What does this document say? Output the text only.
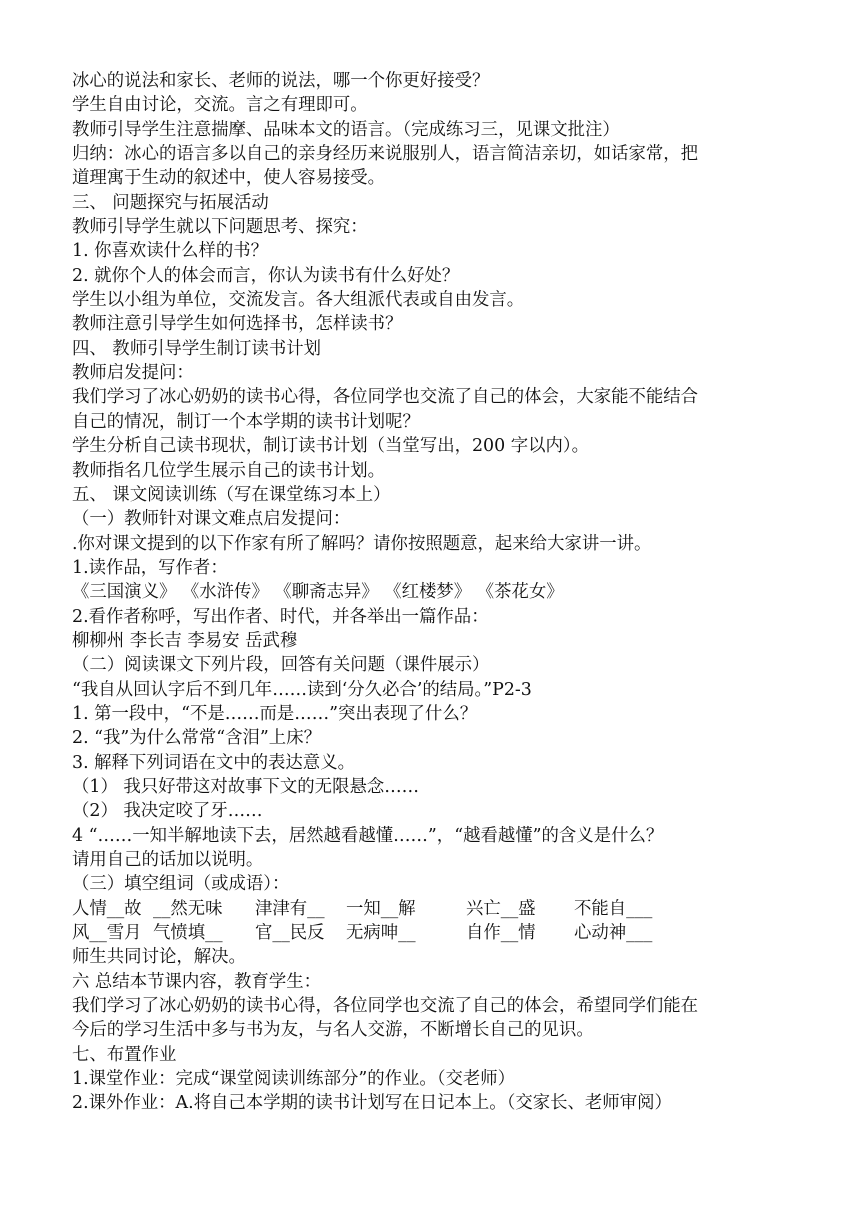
冰心的说法和家长、老师的说法，哪一个你更好接受？
学生自由讨论，交流。言之有理即可。
教师引导学生注意揣摩、品味本文的语言。（完成练习三，见课文批注）
归纳：冰心的语言多以自己的亲身经历来说服别人，语言简洁亲切，如话家常，把
道理寓于生动的叙述中，使人容易接受。
三、 问题探究与拓展活动
教师引导学生就以下问题思考、探究：
1. 你喜欢读什么样的书？
2. 就你个人的体会而言，你认为读书有什么好处？
学生以小组为单位，交流发言。各大组派代表或自由发言。
教师注意引导学生如何选择书，怎样读书？
四、 教师引导学生制订读书计划
教师启发提问：
我们学习了冰心奶奶的读书心得，各位同学也交流了自己的体会，大家能不能结合
自己的情况，制订一个本学期的读书计划呢？
学生分析自己读书现状，制订读书计划（当堂写出，200 字以内）。
教师指名几位学生展示自己的读书计划。
五、 课文阅读训练（写在课堂练习本上）
（一）教师针对课文难点启发提问：
.你对课文提到的以下作家有所了解吗？请你按照题意，起来给大家讲一讲。
1.读作品，写作者：
《三国演义》 《水浒传》 《聊斋志异》 《红楼梦》 《茶花女》
2.看作者称呼，写出作者、时代，并各举出一篇作品：
柳柳州 李长吉 李易安 岳武穆
（二）阅读课文下列片段，回答有关问题（课件展示）
“我自从回认字后不到几年……读到‘分久必合’的结局。”P2-3
1. 第一段中，“不是……而是……”突出表现了什么？
2. “我”为什么常常“含泪”上床？
3. 解释下列词语在文中的表达意义。
（1） 我只好带这对故事下文的无限悬念……
（2） 我决定咬了牙……
4 “……一知半解地读下去，居然越看越懂……”，“越看越懂”的含义是什么？
请用自己的话加以说明。
（三）填空组词（或成语）：
人情__故 __然无味	津津有__	一知__解	兴亡__盛	不能自___
风__雪月 气愤填__	官__民反	无病呻__	自作__情	心动神___
师生共同讨论，解决。
六 总结本节课内容，教育学生：
我们学习了冰心奶奶的读书心得，各位同学也交流了自己的体会，希望同学们能在
今后的学习生活中多与书为友，与名人交游，不断增长自己的见识。
七、布置作业
1.课堂作业：完成“课堂阅读训练部分”的作业。（交老师）
2.课外作业：A.将自己本学期的读书计划写在日记本上。（交家长、老师审阅）
